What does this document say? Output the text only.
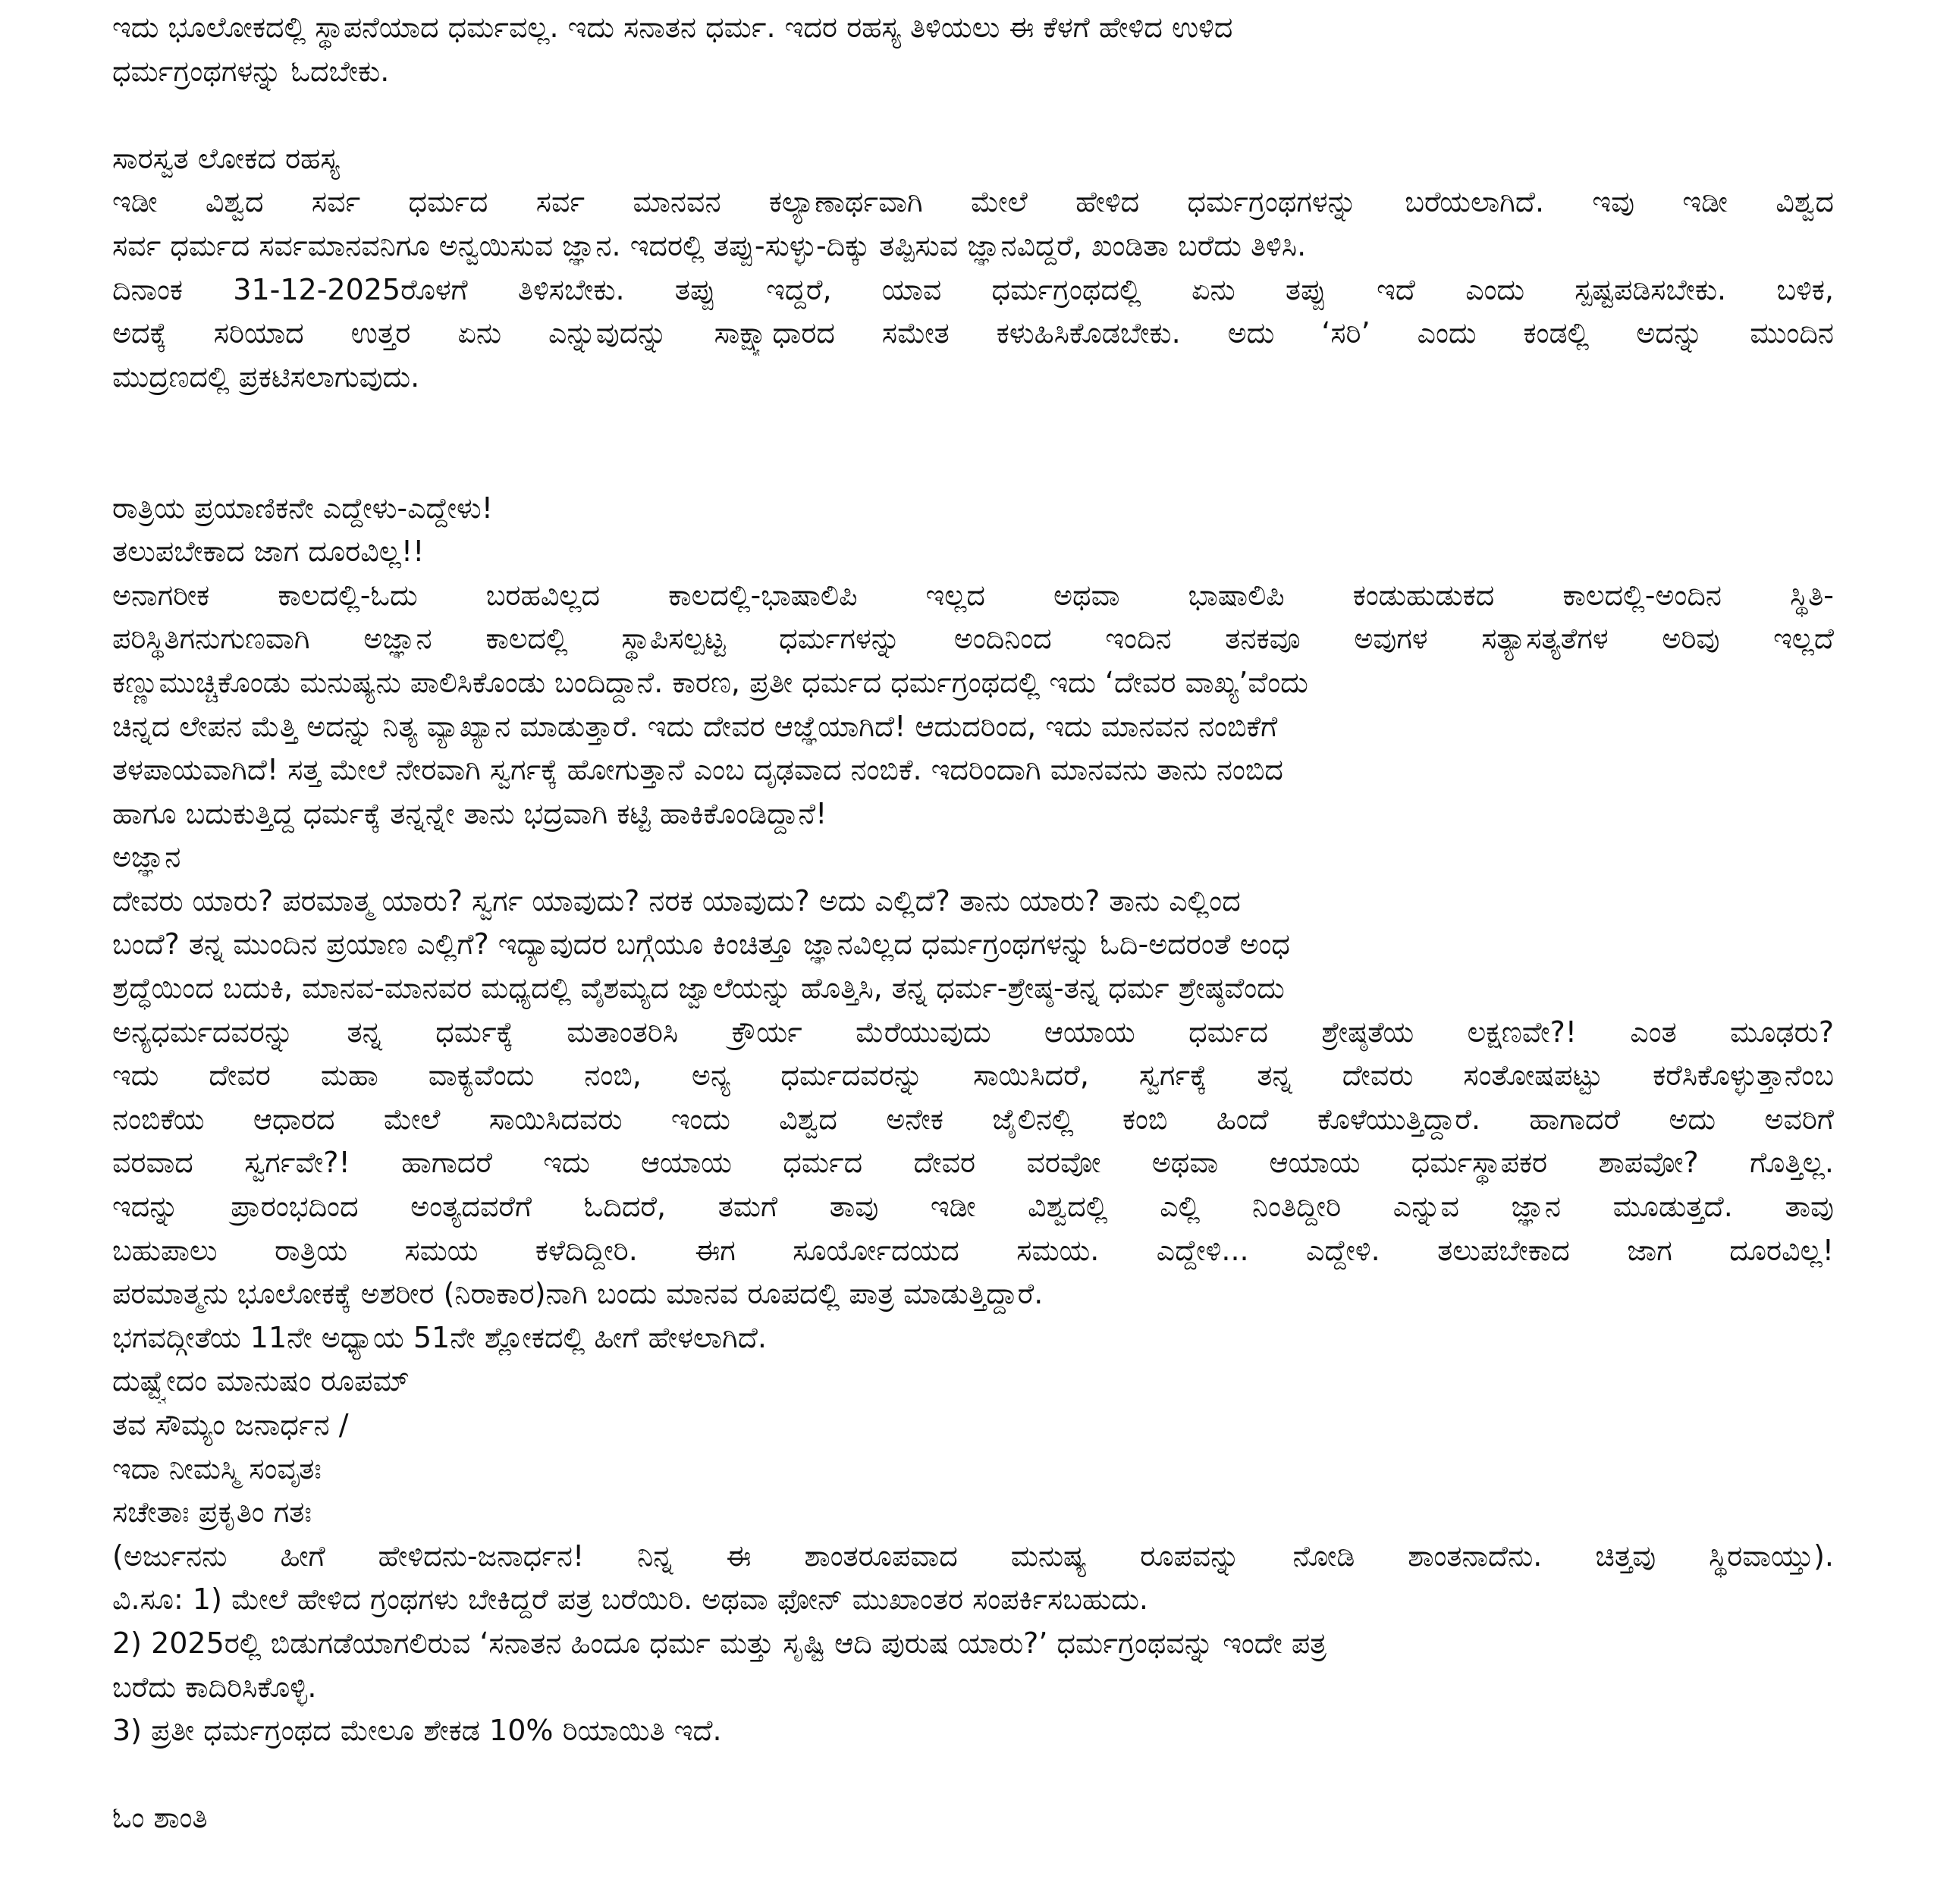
ಇದು ಭೂಲೋಕದಲ್ಲಿ ಸ್ಥಾಪನೆಯಾದ ಧರ್ಮವಲ್ಲ. ಇದು ಸನಾತನ ಧರ್ಮ. ಇದರ ರಹಸ್ಯ ತಿಳಿಯಲು ಈ ಕೆಳಗೆ ಹೇಳಿದ ಉಳಿದ
ಧರ್ಮಗ್ರಂಥಗಳನ್ನು ಓದಬೇಕು.
ಸಾರಸ್ವತ ಲೋಕದ ರಹಸ್ಯ
ಇಡೀ ವಿಶ್ವದ ಸರ್ವ ಧರ್ಮದ ಸರ್ವ ಮಾನವನ ಕಲ್ಯಾಣಾರ್ಥವಾಗಿ ಮೇಲೆ ಹೇಳಿದ ಧರ್ಮಗ್ರಂಥಗಳನ್ನು ಬರೆಯಲಾಗಿದೆ. ಇವು ಇಡೀ ವಿಶ್ವದ
ಸರ್ವ ಧರ್ಮದ ಸರ್ವಮಾನವನಿಗೂ ಅನ್ವಯಿಸುವ ಜ್ಞಾನ. ಇದರಲ್ಲಿ ತಪ್ಪು-ಸುಳ್ಳು-ದಿಕ್ಕು ತಪ್ಪಿಸುವ ಜ್ಞಾನವಿದ್ದರೆ, ಖಂಡಿತಾ ಬರೆದು ತಿಳಿಸಿ.
ದಿನಾಂಕ 31-12-2025ರೊಳಗೆ ತಿಳಿಸಬೇಕು. ತಪ್ಪು ಇದ್ದರೆ, ಯಾವ ಧರ್ಮಗ್ರಂಥದಲ್ಲಿ ಏನು ತಪ್ಪು ಇದೆ ಎಂದು ಸ್ಪಷ್ಟಪಡಿಸಬೇಕು. ಬಳಿಕ,
ಅದಕ್ಕೆ ಸರಿಯಾದ ಉತ್ತರ ಏನು ಎನ್ನುವುದನ್ನು ಸಾಕ್ಷ್ಯಾಧಾರದ ಸಮೇತ ಕಳುಹಿಸಿಕೊಡಬೇಕು. ಅದು ‘ಸರಿ’ ಎಂದು ಕಂಡಲ್ಲಿ ಅದನ್ನು ಮುಂದಿನ
ಮುದ್ರಣದಲ್ಲಿ ಪ್ರಕಟಿಸಲಾಗುವುದು.
ರಾತ್ರಿಯ ಪ್ರಯಾಣಿಕನೇ ಎದ್ದೇಳು-ಎದ್ದೇಳು!
ತಲುಪಬೇಕಾದ ಜಾಗ ದೂರವಿಲ್ಲ!!
ಅನಾಗರೀಕ ಕಾಲದಲ್ಲಿ-ಓದು ಬರಹವಿಲ್ಲದ ಕಾಲದಲ್ಲಿ-ಭಾಷಾಲಿಪಿ ಇಲ್ಲದ ಅಥವಾ ಭಾಷಾಲಿಪಿ ಕಂಡುಹುಡುಕದ ಕಾಲದಲ್ಲಿ-ಅಂದಿನ ಸ್ಥಿತಿ-
ಪರಿಸ್ಥಿತಿಗನುಗುಣವಾಗಿ ಅಜ್ಞಾನ ಕಾಲದಲ್ಲಿ ಸ್ಥಾಪಿಸಲ್ಪಟ್ಟ ಧರ್ಮಗಳನ್ನು ಅಂದಿನಿಂದ ಇಂದಿನ ತನಕವೂ ಅವುಗಳ ಸತ್ಯಾಸತ್ಯತೆಗಳ ಅರಿವು ಇಲ್ಲದೆ
ಕಣ್ಣುಮುಚ್ಚಿಕೊಂಡು ಮನುಷ್ಯನು ಪಾಲಿಸಿಕೊಂಡು ಬಂದಿದ್ದಾನೆ. ಕಾರಣ, ಪ್ರತೀ ಧರ್ಮದ ಧರ್ಮಗ್ರಂಥದಲ್ಲಿ ಇದು ‘ದೇವರ ವಾಖ್ಯ’ವೆಂದು
ಚಿನ್ನದ ಲೇಪನ ಮೆತ್ತಿ ಅದನ್ನು ನಿತ್ಯ ವ್ಯಾಖ್ಯಾನ ಮಾಡುತ್ತಾರೆ. ಇದು ದೇವರ ಆಜ್ಞೆಯಾಗಿದೆ! ಆದುದರಿಂದ, ಇದು ಮಾನವನ ನಂಬಿಕೆಗೆ
ತಳಪಾಯವಾಗಿದೆ! ಸತ್ತ ಮೇಲೆ ನೇರವಾಗಿ ಸ್ವರ್ಗಕ್ಕೆ ಹೋಗುತ್ತಾನೆ ಎಂಬ ದೃಢವಾದ ನಂಬಿಕೆ. ಇದರಿಂದಾಗಿ ಮಾನವನು ತಾನು ನಂಬಿದ
ಹಾಗೂ ಬದುಕುತ್ತಿದ್ದ ಧರ್ಮಕ್ಕೆ ತನ್ನನ್ನೇ ತಾನು ಭದ್ರವಾಗಿ ಕಟ್ಟಿ ಹಾಕಿಕೊಂಡಿದ್ದಾನೆ!
ಅಜ್ಞಾನ
ದೇವರು ಯಾರು? ಪರಮಾತ್ಮ ಯಾರು? ಸ್ವರ್ಗ ಯಾವುದು? ನರಕ ಯಾವುದು? ಅದು ಎಲ್ಲಿದೆ? ತಾನು ಯಾರು? ತಾನು ಎಲ್ಲಿಂದ
ಬಂದೆ? ತನ್ನ ಮುಂದಿನ ಪ್ರಯಾಣ ಎಲ್ಲಿಗೆ? ಇದ್ಯಾವುದರ ಬಗ್ಗೆಯೂ ಕಿಂಚಿತ್ತೂ ಜ್ಞಾನವಿಲ್ಲದ ಧರ್ಮಗ್ರಂಥಗಳನ್ನು ಓದಿ-ಅದರಂತೆ ಅಂಧ
ಶ್ರದ್ಧೆಯಿಂದ ಬದುಕಿ, ಮಾನವ-ಮಾನವರ ಮಧ್ಯದಲ್ಲಿ ವೈಶಮ್ಯದ ಜ್ವಾಲೆಯನ್ನು ಹೊತ್ತಿಸಿ, ತನ್ನ ಧರ್ಮ-ಶ್ರೇಷ್ಠ-ತನ್ನ ಧರ್ಮ ಶ್ರೇಷ್ಠವೆಂದು
ಅನ್ಯಧರ್ಮದವರನ್ನು ತನ್ನ ಧರ್ಮಕ್ಕೆ ಮತಾಂತರಿಸಿ ಕ್ರೌರ್ಯ ಮೆರೆಯುವುದು ಆಯಾಯ ಧರ್ಮದ ಶ್ರೇಷ್ಠತೆಯ ಲಕ್ಷಣವೇ?! ಎಂತ ಮೂಢರು?
ಇದು ದೇವರ ಮಹಾ ವಾಕ್ಯವೆಂದು ನಂಬಿ, ಅನ್ಯ ಧರ್ಮದವರನ್ನು ಸಾಯಿಸಿದರೆ, ಸ್ವರ್ಗಕ್ಕೆ ತನ್ನ ದೇವರು ಸಂತೋಷಪಟ್ಟು ಕರೆಸಿಕೊಳ್ಳುತ್ತಾನೆಂಬ
ನಂಬಿಕೆಯ ಆಧಾರದ ಮೇಲೆ ಸಾಯಿಸಿದವರು ಇಂದು ವಿಶ್ವದ ಅನೇಕ ಜೈಲಿನಲ್ಲಿ ಕಂಬಿ ಹಿಂದೆ ಕೊಳೆಯುತ್ತಿದ್ದಾರೆ. ಹಾಗಾದರೆ ಅದು ಅವರಿಗೆ
ವರವಾದ ಸ್ವರ್ಗವೇ?! ಹಾಗಾದರೆ ಇದು ಆಯಾಯ ಧರ್ಮದ ದೇವರ ವರವೋ ಅಥವಾ ಆಯಾಯ ಧರ್ಮಸ್ಥಾಪಕರ ಶಾಪವೋ? ಗೊತ್ತಿಲ್ಲ.
ಇದನ್ನು ಪ್ರಾರಂಭದಿಂದ ಅಂತ್ಯದವರೆಗೆ ಓದಿದರೆ, ತಮಗೆ ತಾವು ಇಡೀ ವಿಶ್ವದಲ್ಲಿ ಎಲ್ಲಿ ನಿಂತಿದ್ದೀರಿ ಎನ್ನುವ ಜ್ಞಾನ ಮೂಡುತ್ತದೆ. ತಾವು
ಬಹುಪಾಲು ರಾತ್ರಿಯ ಸಮಯ ಕಳೆದಿದ್ದೀರಿ. ಈಗ ಸೂರ್ಯೋದಯದ ಸಮಯ. ಎದ್ದೇಳಿ... ಎದ್ದೇಳಿ. ತಲುಪಬೇಕಾದ ಜಾಗ ದೂರವಿಲ್ಲ!
ಪರಮಾತ್ಮನು ಭೂಲೋಕಕ್ಕೆ ಅಶರೀರ (ನಿರಾಕಾರ)ನಾಗಿ ಬಂದು ಮಾನವ ರೂಪದಲ್ಲಿ ಪಾತ್ರ ಮಾಡುತ್ತಿದ್ದಾರೆ.
ಭಗವದ್ಗೀತೆಯ 11ನೇ ಅಧ್ಯಾಯ 51ನೇ ಶ್ಲೋಕದಲ್ಲಿ ಹೀಗೆ ಹೇಳಲಾಗಿದೆ.
ದುಷ್ಟ್ವೇದಂ ಮಾನುಷಂ ರೂಪಮ್
ತವ ಸೌಮ್ಯಂ ಜನಾರ್ಧನ /
ಇದಾ ನೀಮಸ್ಮಿ ಸಂವೃತಃ
ಸಚೇತಾಃ ಪ್ರಕೃತಿಂ ಗತಃ
(ಅರ್ಜುನನು ಹೀಗೆ ಹೇಳಿದನು-ಜನಾರ್ಧನ! ನಿನ್ನ ಈ ಶಾಂತರೂಪವಾದ ಮನುಷ್ಯ ರೂಪವನ್ನು ನೋಡಿ ಶಾಂತನಾದೆನು. ಚಿತ್ತವು ಸ್ಥಿರವಾಯ್ತು).
ವಿ.ಸೂ: 1) ಮೇಲೆ ಹೇಳಿದ ಗ್ರಂಥಗಳು ಬೇಕಿದ್ದರೆ ಪತ್ರ ಬರೆಯಿರಿ. ಅಥವಾ ಫೋನ್ ಮುಖಾಂತರ ಸಂಪರ್ಕಿಸಬಹುದು.
2) 2025ರಲ್ಲಿ ಬಿಡುಗಡೆಯಾಗಲಿರುವ ‘ಸನಾತನ ಹಿಂದೂ ಧರ್ಮ ಮತ್ತು ಸೃಷ್ಟಿ ಆದಿ ಪುರುಷ ಯಾರು?’ ಧರ್ಮಗ್ರಂಥವನ್ನು ಇಂದೇ ಪತ್ರ
ಬರೆದು ಕಾದಿರಿಸಿಕೊಳ್ಳಿ.
3) ಪ್ರತೀ ಧರ್ಮಗ್ರಂಥದ ಮೇಲೂ ಶೇಕಡ 10% ರಿಯಾಯಿತಿ ಇದೆ.
ಓಂ ಶಾಂತಿ
